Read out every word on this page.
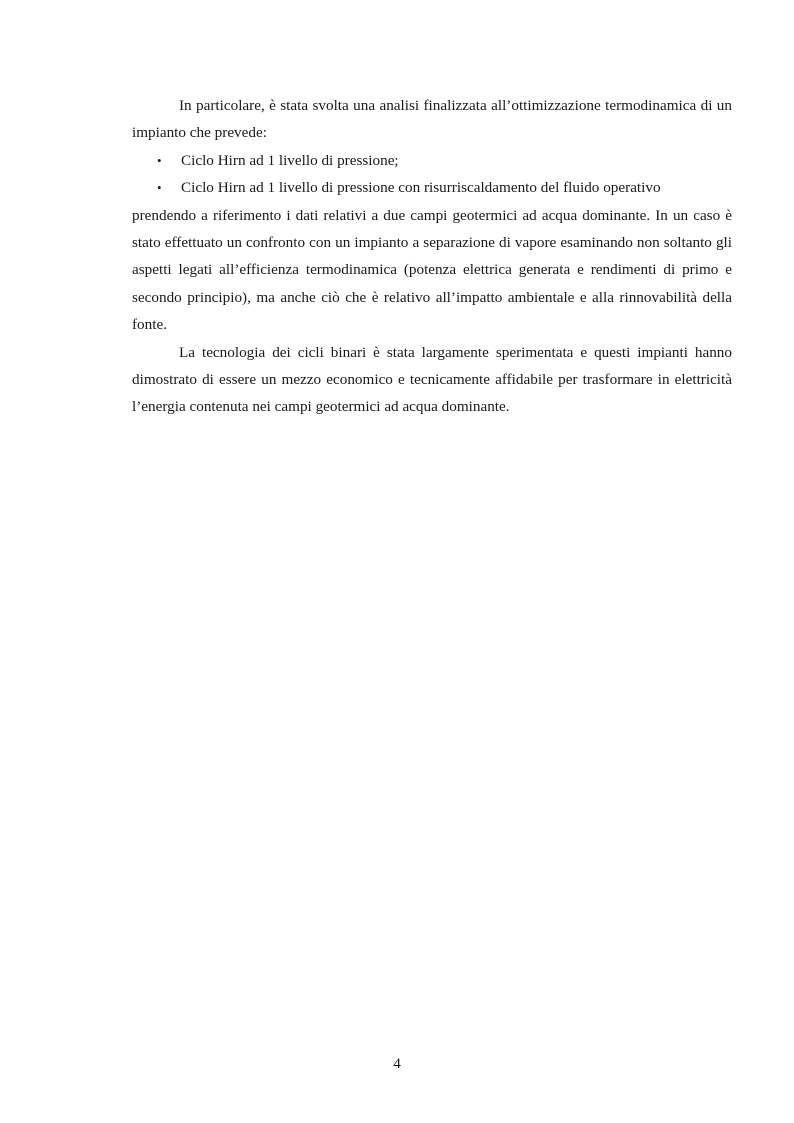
In particolare, è stata svolta una analisi finalizzata all’ottimizzazione termodinamica di un impianto che prevede:

• Ciclo Hirn ad 1 livello di pressione;
• Ciclo Hirn ad 1 livello di pressione con risurriscaldamento del fluido operativo

prendendo a riferimento i dati relativi a due campi geotermici ad acqua dominante. In un caso è stato effettuato un confronto con un impianto a separazione di vapore esaminando non soltanto gli aspetti legati all’efficienza termodinamica (potenza elettrica generata e rendimenti di primo e secondo principio), ma anche ciò che è relativo all’impatto ambientale e alla rinnovabilità della fonte.

La tecnologia dei cicli binari è stata largamente sperimentata e questi impianti hanno dimostrato di essere un mezzo economico e tecnicamente affidabile per trasformare in elettricità l’energia contenuta nei campi geotermici ad acqua dominante.

4
